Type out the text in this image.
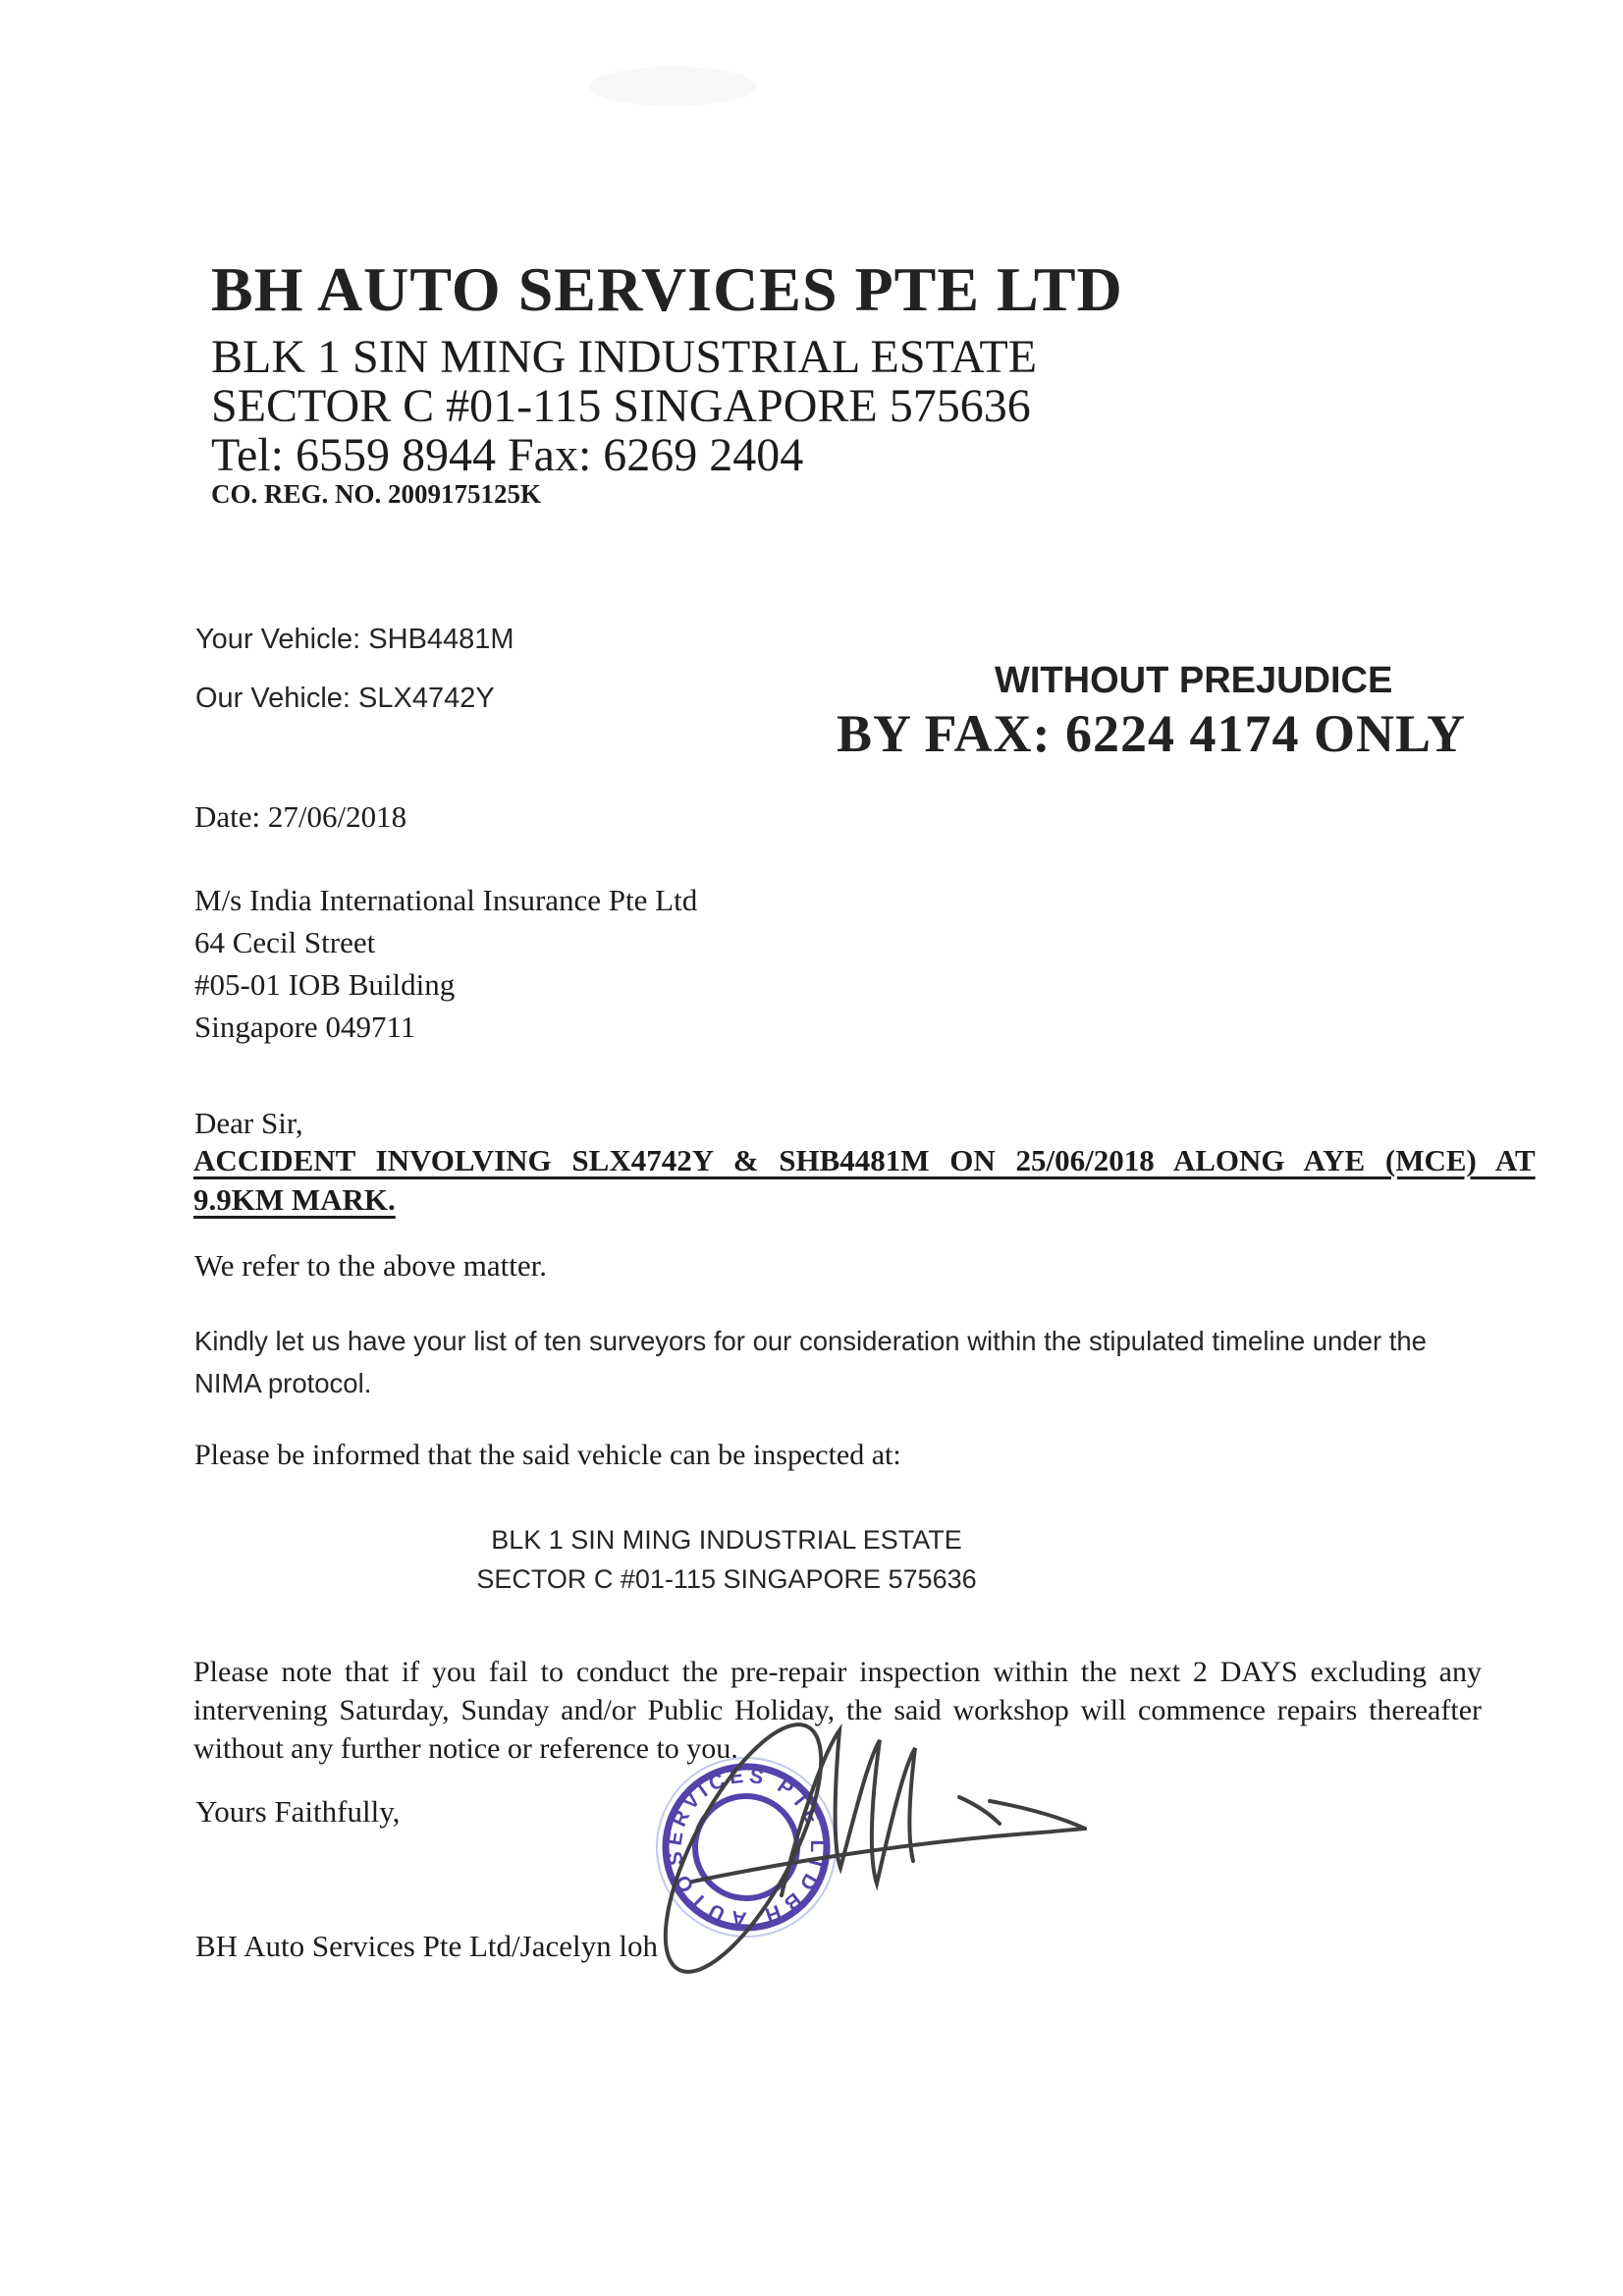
BH AUTO SERVICES PTE LTD
BLK 1 SIN MING INDUSTRIAL ESTATE
SECTOR C #01-115 SINGAPORE 575636
Tel: 6559 8944 Fax: 6269 2404
CO. REG. NO. 2009175125K
Your Vehicle: SHB4481M
Our Vehicle: SLX4742Y	WITHOUT PREJUDICE
BY FAX: 6224 4174 ONLY
Date: 27/06/2018
M/s India International Insurance Pte Ltd
64 Cecil Street
#05-01 IOB Building
Singapore 049711
Dear Sir,
ACCIDENT INVOLVING SLX4742Y & SHB4481M ON 25/06/2018 ALONG AYE (MCE) AT
9.9KM MARK.
We refer to the above matter.
Kindly let us have your list of ten surveyors for our consideration within the stipulated timeline under the NIMA protocol.
Please be informed that the said vehicle can be inspected at:
BLK 1 SIN MING INDUSTRIAL ESTATE
SECTOR C #01-115 SINGAPORE 575636
Please note that if you fail to conduct the pre-repair inspection within the next 2 DAYS excluding any intervening Saturday, Sunday and/or Public Holiday, the said workshop will commence repairs thereafter without any further notice or reference to you.
Yours Faithfully,
BH Auto Services Pte Ltd/Jacelyn loh
SERVICES PTE LTD
BH AUTO
